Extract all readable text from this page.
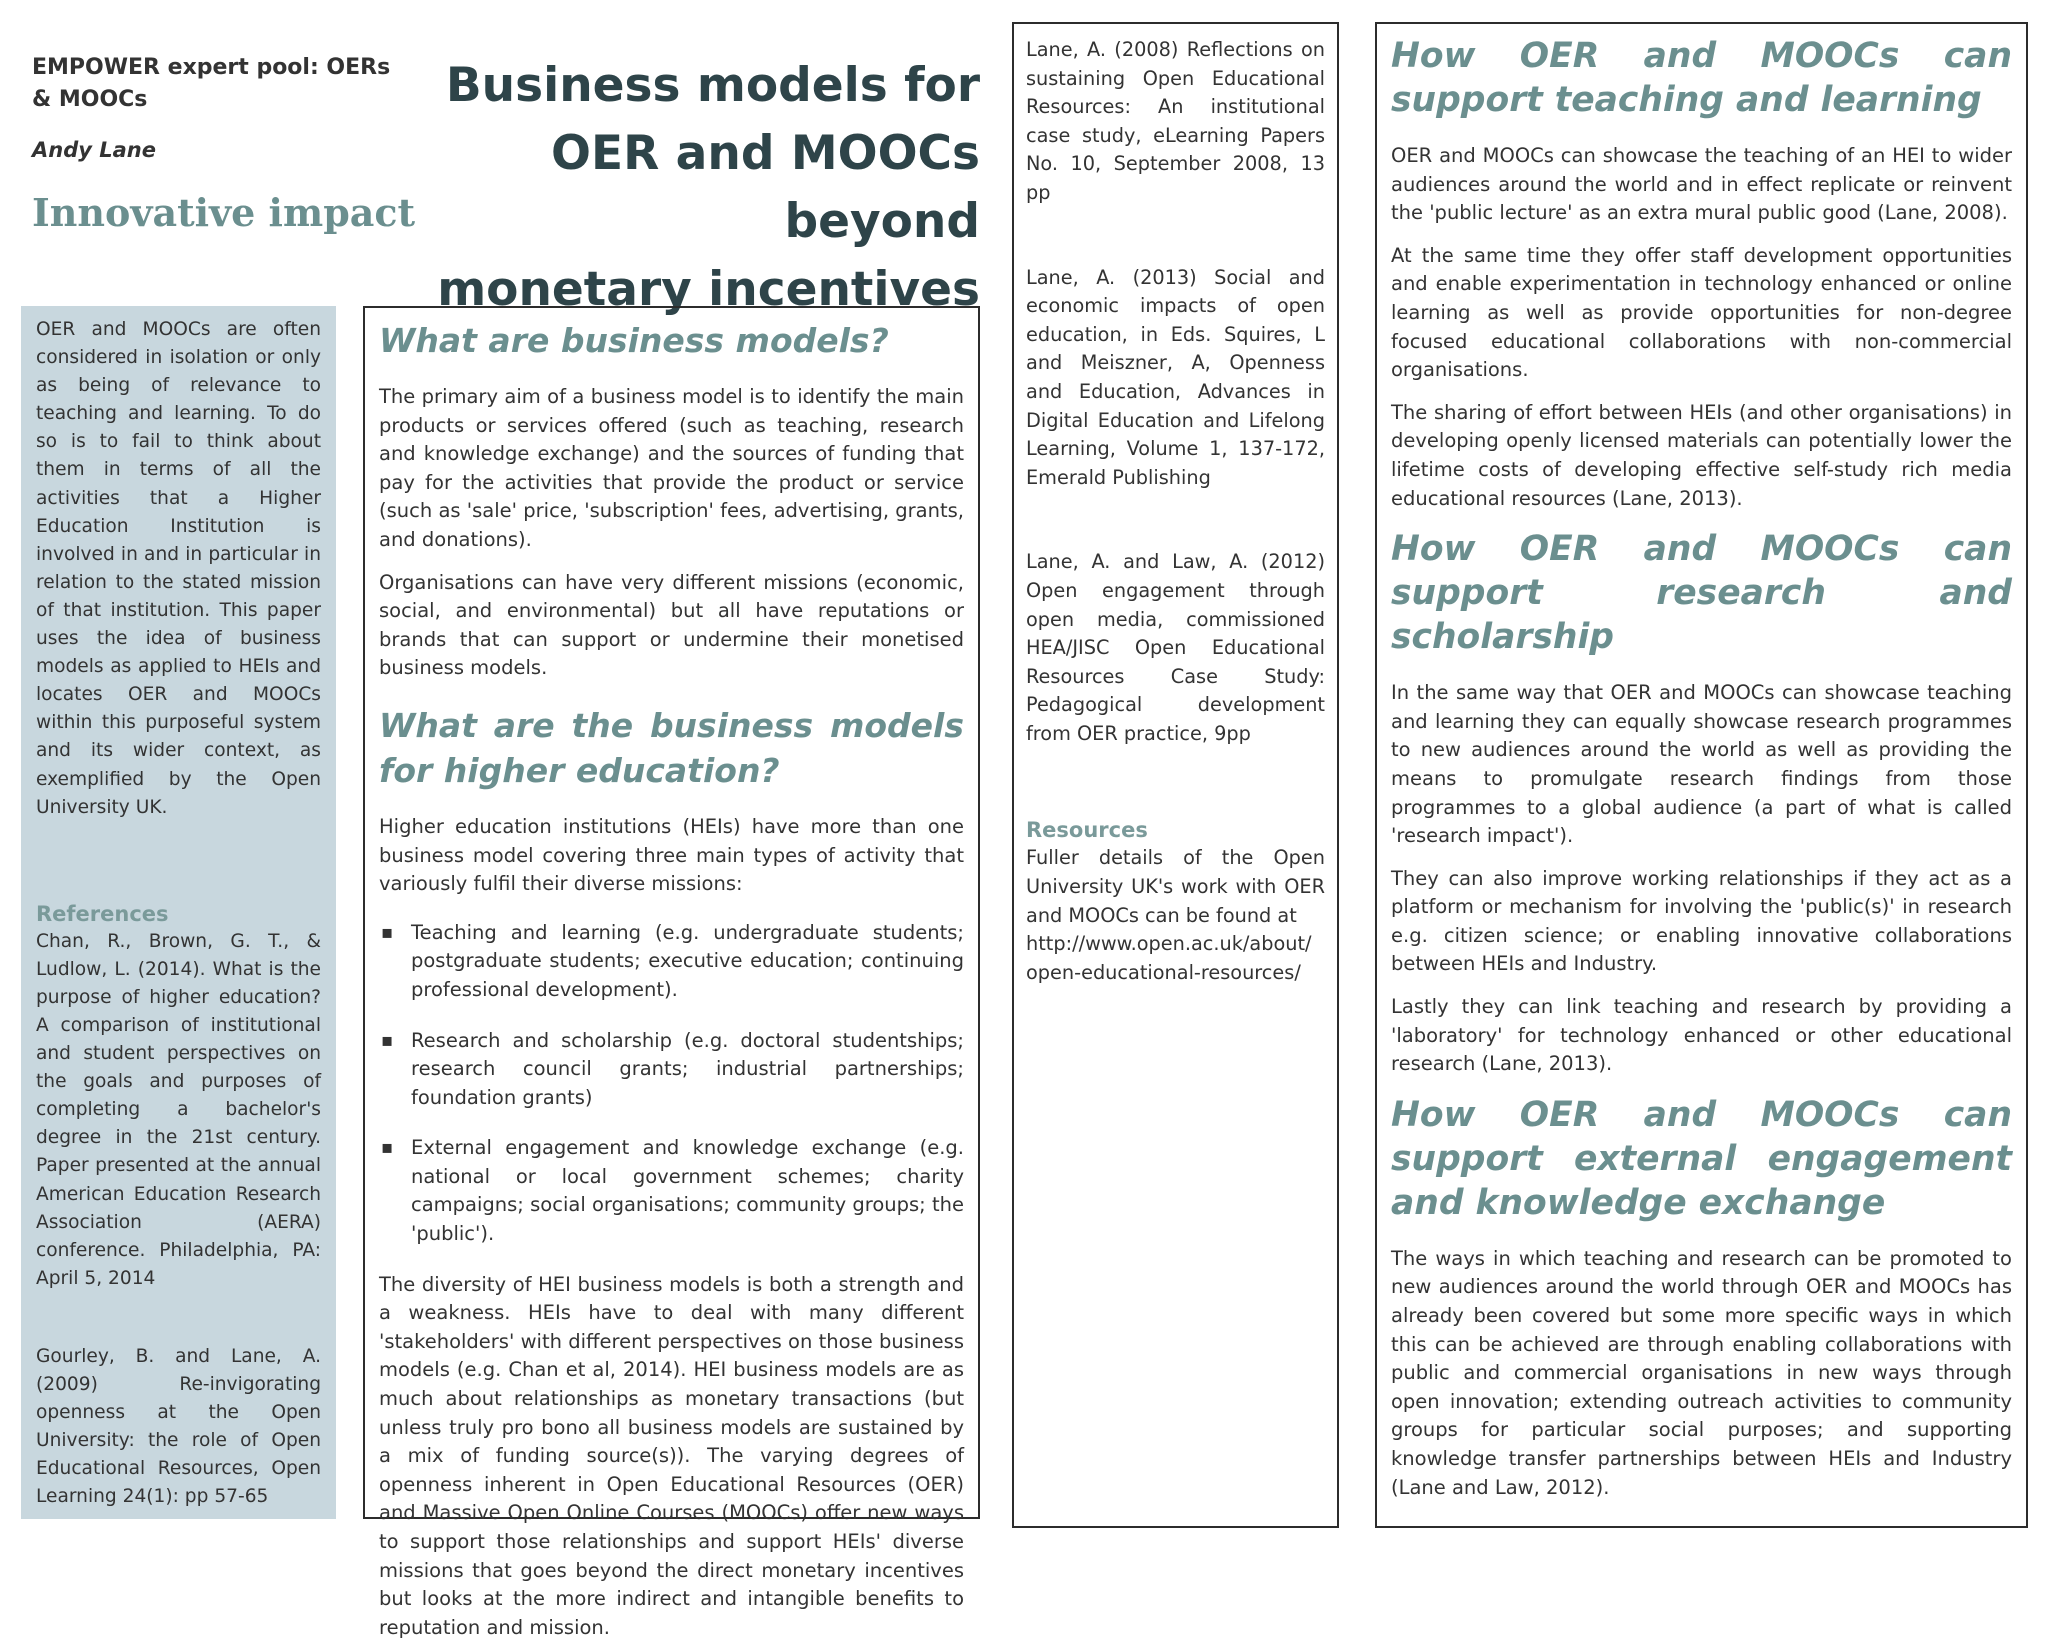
EMPOWER expert pool: OERs & MOOCs
Andy Lane
Innovative impact
Business models for
OER and MOOCs beyond
monetary incentives

OER and MOOCs are often considered in isolation or only as being of relevance to teaching and learning. To do so is to fail to think about them in terms of all the activities that a Higher Education Institution is involved in and in particular in relation to the stated mission of that institution. This paper uses the idea of business models as applied to HEIs and locates OER and MOOCs within this purposeful system and its wider context, as exemplified by the Open University UK.

References

Chan, R., Brown, G. T., & Ludlow, L. (2014). What is the purpose of higher education? A comparison of institutional and student perspectives on the goals and purposes of completing a bachelor's degree in the 21st century. Paper presented at the annual American Education Research Association (AERA) conference. Philadelphia, PA: April 5, 2014

Gourley, B. and Lane, A. (2009) Re-invigorating openness at the Open University: the role of Open Educational Resources, Open Learning 24(1): pp 57-65

What are business models?

The primary aim of a business model is to identify the main products or services offered (such as teaching, research and knowledge exchange) and the sources of funding that pay for the activities that provide the product or service (such as 'sale' price, 'subscription' fees, advertising, grants, and donations).

Organisations can have very different missions (economic, social, and environmental) but all have reputations or brands that can support or undermine their monetised business models.

What are the business models for higher education?

Higher education institutions (HEIs) have more than one business model covering three main types of activity that variously fulfil their diverse missions:

▪ Teaching and learning (e.g. undergraduate students; postgraduate students; executive education; continuing professional development).
▪ Research and scholarship (e.g. doctoral studentships; research council grants; industrial partnerships; foundation grants)
▪ External engagement and knowledge exchange (e.g. national or local government schemes; charity campaigns; social organisations; community groups; the 'public').

The diversity of HEI business models is both a strength and a weakness. HEIs have to deal with many different 'stakeholders' with different perspectives on those business models (e.g. Chan et al, 2014). HEI business models are as much about relationships as monetary transactions (but unless truly pro bono all business models are sustained by a mix of funding source(s)). The varying degrees of openness inherent in Open Educational Resources (OER) and Massive Open Online Courses (MOOCs) offer new ways to support those relationships and support HEIs' diverse missions that goes beyond the direct monetary incentives but looks at the more indirect and intangible benefits to reputation and mission.

Lane, A. (2008) Reflections on sustaining Open Educational Resources: An institutional case study, eLearning Papers No. 10, September 2008, 13 pp

Lane, A. (2013) Social and economic impacts of open education, in Eds. Squires, L and Meiszner, A, Openness and Education, Advances in Digital Education and Lifelong Learning, Volume 1, 137-172, Emerald Publishing

Lane, A. and Law, A. (2012) Open engagement through open media, commissioned HEA/JISC Open Educational Resources Case Study: Pedagogical development from OER practice, 9pp

Resources

Fuller details of the Open University UK's work with OER and MOOCs can be found at

http://www.open.ac.uk/about/

open-educational-resources/

How OER and MOOCs can support teaching and learning

OER and MOOCs can showcase the teaching of an HEI to wider audiences around the world and in effect replicate or reinvent the 'public lecture' as an extra mural public good (Lane, 2008).

At the same time they offer staff development opportunities and enable experimentation in technology enhanced or online learning as well as provide opportunities for non-degree focused educational collaborations with non-commercial organisations.

The sharing of effort between HEIs (and other organisations) in developing openly licensed materials can potentially lower the lifetime costs of developing effective self-study rich media educational resources (Lane, 2013).

How OER and MOOCs can support research and scholarship

In the same way that OER and MOOCs can showcase teaching and learning they can equally showcase research programmes to new audiences around the world as well as providing the means to promulgate research findings from those programmes to a global audience (a part of what is called 'research impact').

They can also improve working relationships if they act as a platform or mechanism for involving the 'public(s)' in research e.g. citizen science; or enabling innovative collaborations between HEIs and Industry.

Lastly they can link teaching and research by providing a 'laboratory' for technology enhanced or other educational research (Lane, 2013).

How OER and MOOCs can support external engagement and knowledge exchange

The ways in which teaching and research can be promoted to new audiences around the world through OER and MOOCs has already been covered but some more specific ways in which this can be achieved are through enabling collaborations with public and commercial organisations in new ways through open innovation; extending outreach activities to community groups for particular social purposes; and supporting knowledge transfer partnerships between HEIs and Industry (Lane and Law, 2012).
